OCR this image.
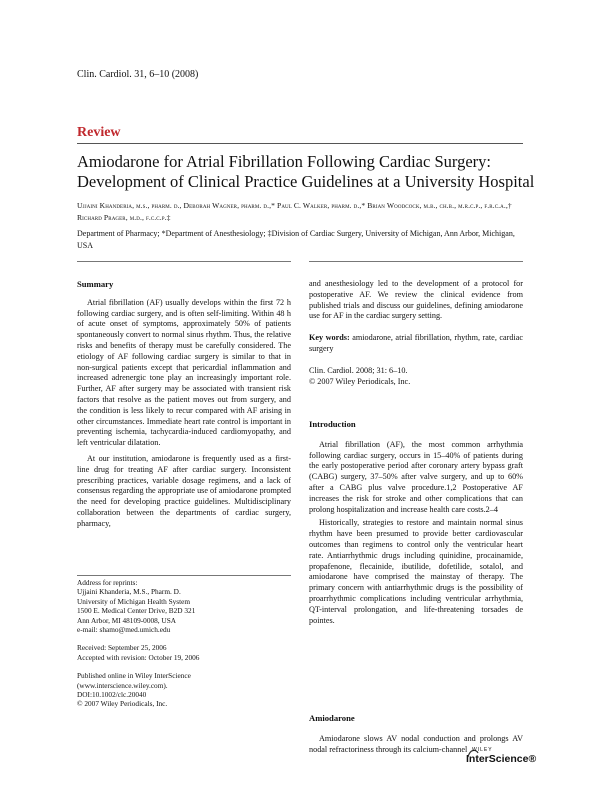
Clin. Cardiol. 31, 6–10 (2008)
Review
Amiodarone for Atrial Fibrillation Following Cardiac Surgery: Development of Clinical Practice Guidelines at a University Hospital
Ujjaini Khanderia, m.s., pharm. d., Deborah Wagner, pharm. d.,* Paul C. Walker, pharm. d.,* Brian Woodcock, m.b., ch.b., m.r.c.p., f.r.c.a.,† Richard Prager, m.d., f.c.c.p.‡
Department of Pharmacy; *Department of Anesthesiology; ‡Division of Cardiac Surgery, University of Michigan, Ann Arbor, Michigan, USA
Summary

Atrial fibrillation (AF) usually develops within the first 72 h following cardiac surgery, and is often self-limiting. Within 48 h of acute onset of symptoms, approximately 50% of patients spontaneously convert to normal sinus rhythm. Thus, the relative risks and benefits of therapy must be carefully considered. The etiology of AF following cardiac surgery is similar to that in non-surgical patients except that pericardial inflammation and increased adrenergic tone play an increasingly important role. Further, AF after surgery may be associated with transient risk factors that resolve as the patient moves out from surgery, and the condition is less likely to recur compared with AF arising in other circumstances. Immediate heart rate control is important in preventing ischemia, tachycardia-induced cardiomyopathy, and left ventricular dilatation.

At our institution, amiodarone is frequently used as a first-line drug for treating AF after cardiac surgery. Inconsistent prescribing practices, variable dosage regimens, and a lack of consensus regarding the appropriate use of amiodarone prompted the need for developing practice guidelines. Multidisciplinary collaboration between the departments of cardiac surgery, pharmacy,

Address for reprints:
Ujjaini Khanderia, M.S., Pharm. D.
University of Michigan Health System
1500 E. Medical Center Drive, B2D 321
Ann Arbor, MI 48109-0008, USA
e-mail: shamo@med.umich.edu
Received: September 25, 2006
Accepted with revision: October 19, 2006
Published online in Wiley InterScience
(www.interscience.wiley.com).
DOI:10.1002/clc.20040
© 2007 Wiley Periodicals, Inc.

and anesthesiology led to the development of a protocol for postoperative AF. We review the clinical evidence from published trials and discuss our guidelines, defining amiodarone use for AF in the cardiac surgery setting.

Key words: amiodarone, atrial fibrillation, rhythm, rate, cardiac surgery

Clin. Cardiol. 2008; 31: 6–10.

© 2007 Wiley Periodicals, Inc.

Introduction

Atrial fibrillation (AF), the most common arrhythmia following cardiac surgery, occurs in 15–40% of patients during the early postoperative period after coronary artery bypass graft (CABG) surgery, 37–50% after valve surgery, and up to 60% after a CABG plus valve procedure.1,2 Postoperative AF increases the risk for stroke and other complications that can prolong hospitalization and increase health care costs.2–4

Historically, strategies to restore and maintain normal sinus rhythm have been presumed to provide better cardiovascular outcomes than regimens to control only the ventricular heart rate. Antiarrhythmic drugs including quinidine, procainamide, propafenone, flecainide, ibutilide, dofetilide, sotalol, and amiodarone have comprised the mainstay of therapy. The primary concern with antiarrhythmic drugs is the possibility of proarrhythmic complications including ventricular arrhythmia, QT-interval prolongation, and life-threatening torsades de pointes.

Amiodarone

Amiodarone slows AV nodal conduction and prolongs AV nodal refractoriness through its calcium-channel WILEY
InterScience®
